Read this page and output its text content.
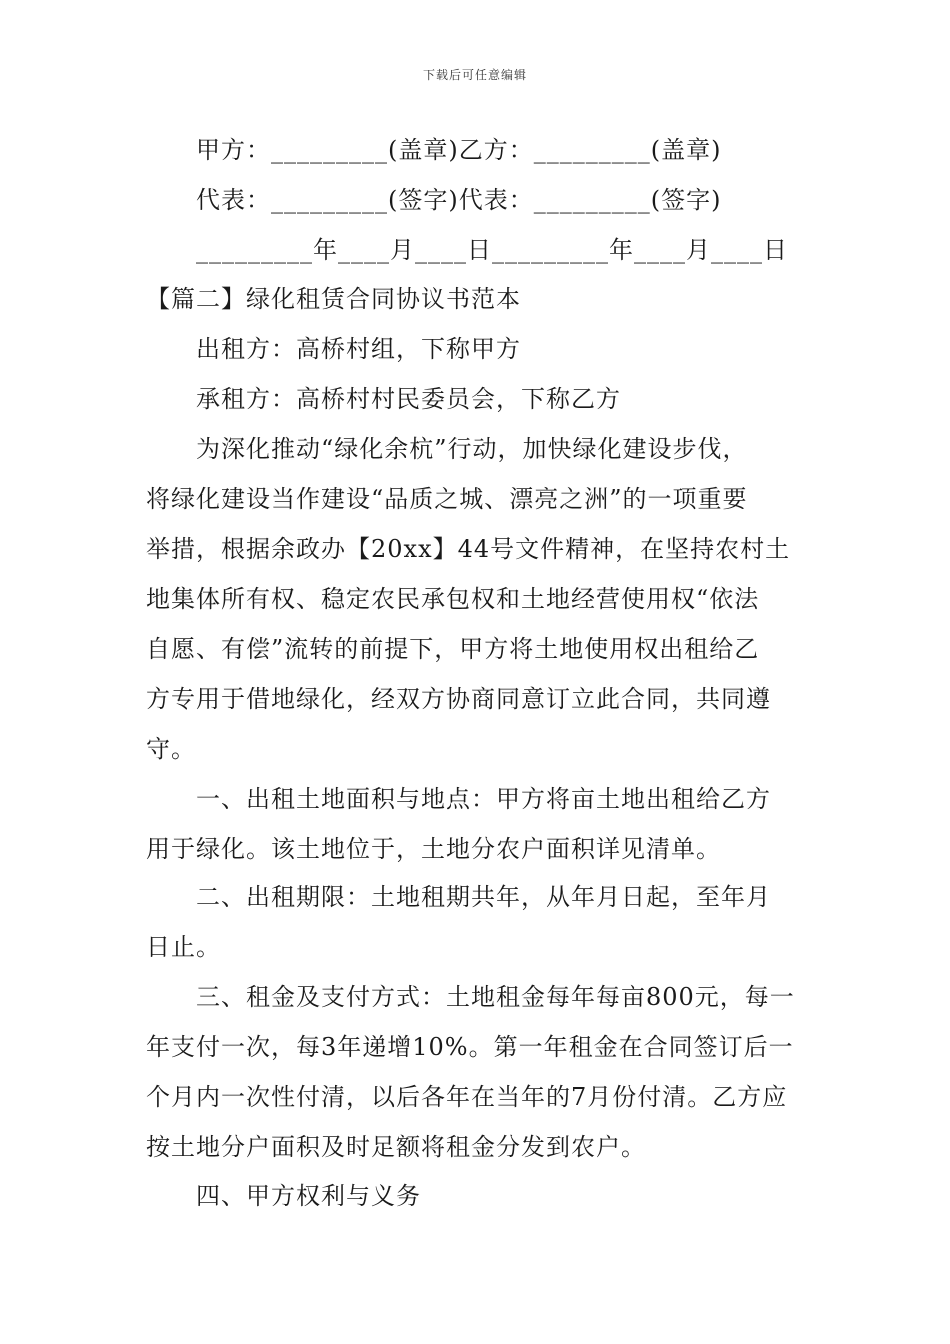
下载后可任意编辑
甲方：_________(盖章)乙方：_________(盖章)
代表：_________(签字)代表：_________(签字)
_________年____月____日_________年____月____日
【篇二】绿化租赁合同协议书范本
出租方：高桥村组，下称甲方
承租方：高桥村村民委员会，下称乙方
为深化推动“绿化余杭”行动，加快绿化建设步伐，
将绿化建设当作建设“品质之城、漂亮之洲”的一项重要
举措，根据余政办【20xx】44号文件精神，在坚持农村土
地集体所有权、稳定农民承包权和土地经营使用权“依法
自愿、有偿”流转的前提下，甲方将土地使用权出租给乙
方专用于借地绿化，经双方协商同意订立此合同，共同遵
守。
一、出租土地面积与地点：甲方将亩土地出租给乙方
用于绿化。该土地位于，土地分农户面积详见清单。
二、出租期限：土地租期共年，从年月日起，至年月
日止。
三、租金及支付方式：土地租金每年每亩800元，每一
年支付一次，每3年递增10%。第一年租金在合同签订后一
个月内一次性付清，以后各年在当年的7月份付清。乙方应
按土地分户面积及时足额将租金分发到农户。
四、甲方权利与义务
